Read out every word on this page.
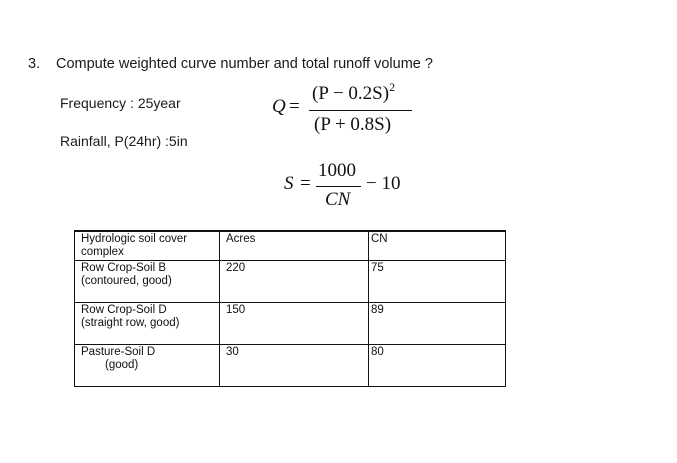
3. Compute weighted curve number and total runoff volume ?
Frequency : 25year
Rainfall, P(24hr) :5in
Q =
$(P - 0.2S)^2$
(P + 0.8S)
S =
1000
CN
− 10
Hydrologic soil cover complex	Acres	CN

Row Crop-Soil B
(contoured, good)	220	75

Row Crop-Soil D
(straight row, good)	150	89

Pasture-Soil D
(good)	30	80
